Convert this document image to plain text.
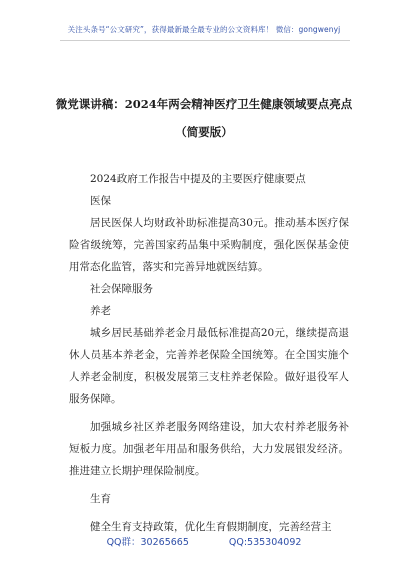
关注头条号“公文研究”，获得最新最全最专业的公文资料库！ 微信：gongwenyj
微党课讲稿：2024年两会精神医疗卫生健康领域要点亮点
（简要版）

2024政府工作报告中提及的主要医疗健康要点

医保

居民医保人均财政补助标准提高30元。推动基本医疗保险省级统筹，完善国家药品集中采购制度，强化医保基金使用常态化监管，落实和完善异地就医结算。

社会保障服务

养老

城乡居民基础养老金月最低标准提高20元，继续提高退休人员基本养老金，完善养老保险全国统筹。在全国实施个人养老金制度，积极发展第三支柱养老保险。做好退役军人服务保障。

加强城乡社区养老服务网络建设，加大农村养老服务补短板力度。加强老年用品和服务供给，大力发展银发经济。推进建立长期护理保险制度。

生育

健全生育支持政策，优化生育假期制度，完善经营主

QQ群：30265665	QQ:535304092
